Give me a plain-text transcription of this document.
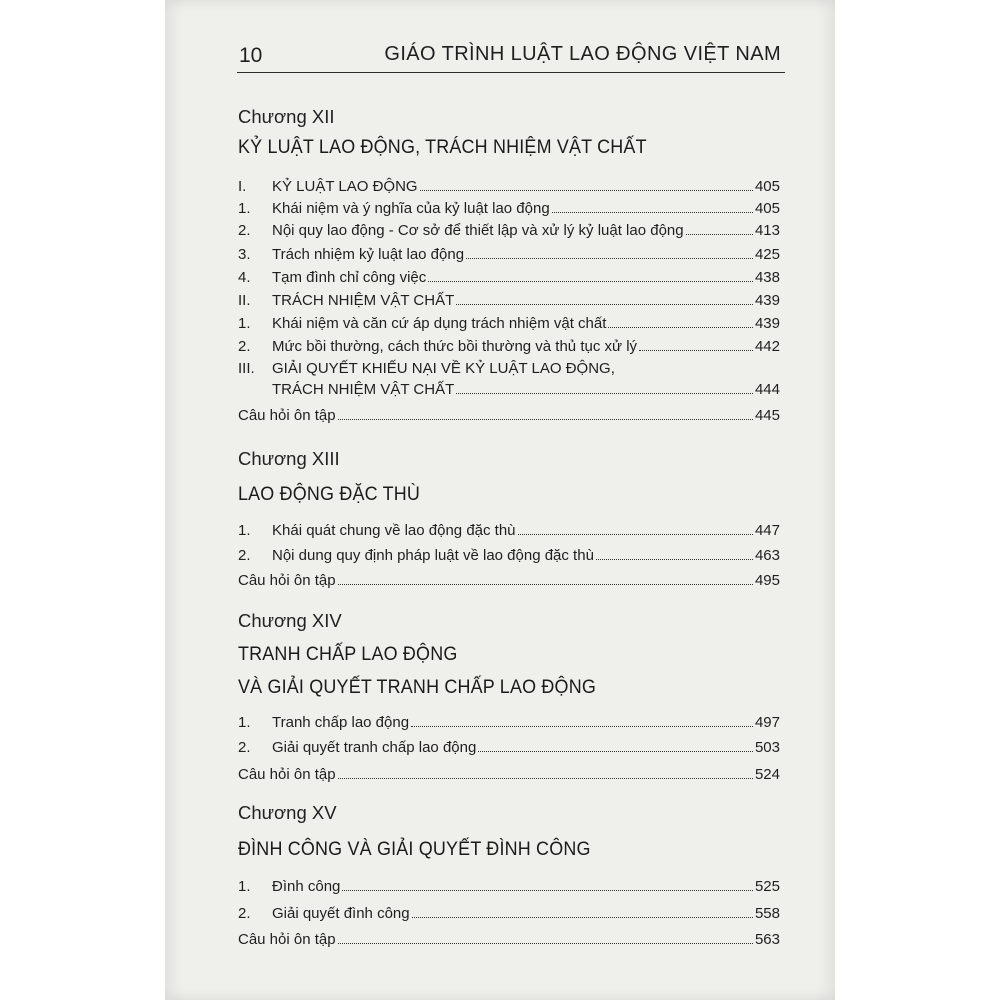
10	GIÁO TRÌNH LUẬT LAO ĐỘNG VIỆT NAM
Chương XII
KỶ LUẬT LAO ĐỘNG, TRÁCH NHIỆM VẬT CHẤT
I.	KỶ LUẬT LAO ĐỘNG	405
1.	Khái niệm và ý nghĩa của kỷ luật lao động	405
2.	Nội quy lao động - Cơ sở để thiết lập và xử lý kỷ luật lao động	413
3.	Trách nhiệm kỷ luật lao động	425
4.	Tạm đình chỉ công việc	438
II.	TRÁCH NHIỆM VẬT CHẤT	439
1.	Khái niệm và căn cứ áp dụng trách nhiệm vật chất	439
2.	Mức bồi thường, cách thức bồi thường và thủ tục xử lý	442
III.	GIẢI QUYẾT KHIẾU NẠI VỀ KỶ LUẬT LAO ĐỘNG,
TRÁCH NHIỆM VẬT CHẤT	444
Câu hỏi ôn tập	445
Chương XIII
LAO ĐỘNG ĐẶC THÙ
1.	Khái quát chung về lao động đặc thù	447
2.	Nội dung quy định pháp luật về lao động đặc thù	463
Câu hỏi ôn tập	495
Chương XIV
TRANH CHẤP LAO ĐỘNG
VÀ GIẢI QUYẾT TRANH CHẤP LAO ĐỘNG
1.	Tranh chấp lao động	497
2.	Giải quyết tranh chấp lao động	503
Câu hỏi ôn tập	524
Chương XV
ĐÌNH CÔNG VÀ GIẢI QUYẾT ĐÌNH CÔNG
1.	Đình công	525
2.	Giải quyết đình công	558
Câu hỏi ôn tập	563
